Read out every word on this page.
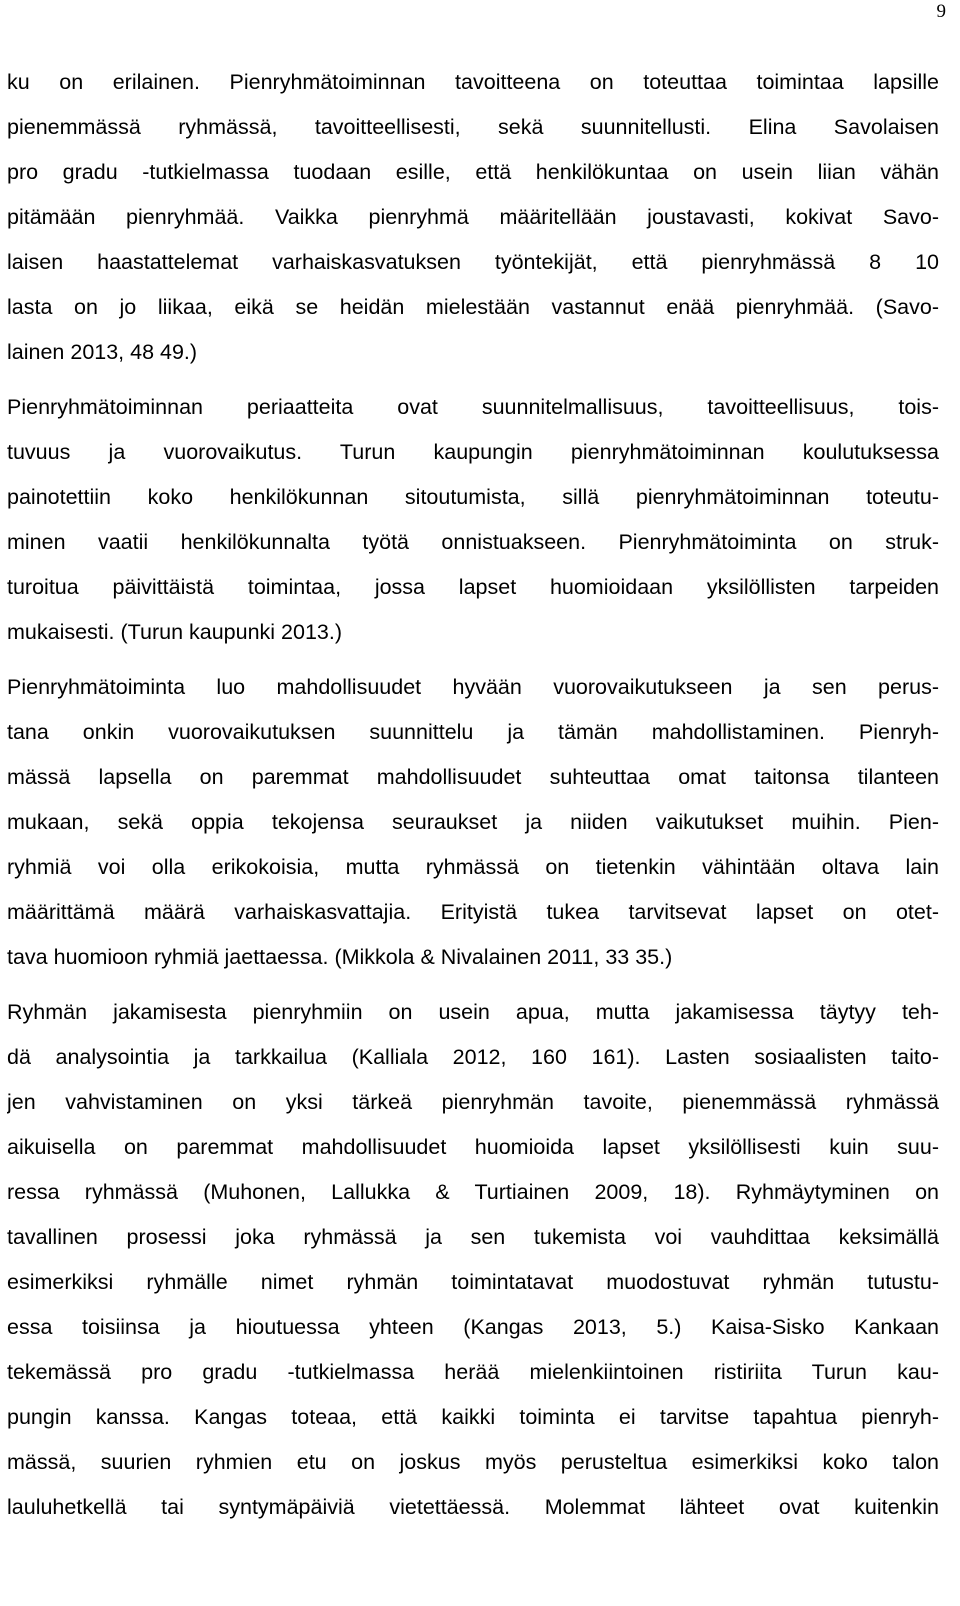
9

ku on erilainen. Pienryhmätoiminnan tavoitteena on toteuttaa toimintaa lapsille
pienemmässä ryhmässä, tavoitteellisesti, sekä suunnitellusti. Elina Savolaisen
pro gradu -tutkielmassa tuodaan esille, että henkilökuntaa on usein liian vähän
pitämään pienryhmää. Vaikka pienryhmä määritellään joustavasti, kokivat Savo-
laisen haastattelemat varhaiskasvatuksen työntekijät, että pienryhmässä 8 10
lasta on jo liikaa, eikä se heidän mielestään vastannut enää pienryhmää. (Savo-
lainen 2013, 48 49.)

Pienryhmätoiminnan periaatteita ovat suunnitelmallisuus, tavoitteellisuus, tois-
tuvuus ja vuorovaikutus. Turun kaupungin pienryhmätoiminnan koulutuksessa
painotettiin koko henkilökunnan sitoutumista, sillä pienryhmätoiminnan toteutu-
minen vaatii henkilökunnalta työtä onnistuakseen. Pienryhmätoiminta on struk-
turoitua päivittäistä toimintaa, jossa lapset huomioidaan yksilöllisten tarpeiden
mukaisesti. (Turun kaupunki 2013.)

Pienryhmätoiminta luo mahdollisuudet hyvään vuorovaikutukseen ja sen perus-
tana onkin vuorovaikutuksen suunnittelu ja tämän mahdollistaminen. Pienryh-
mässä lapsella on paremmat mahdollisuudet suhteuttaa omat taitonsa tilanteen
mukaan, sekä oppia tekojensa seuraukset ja niiden vaikutukset muihin. Pien-
ryhmiä voi olla erikokoisia, mutta ryhmässä on tietenkin vähintään oltava lain
määrittämä määrä varhaiskasvattajia. Erityistä tukea tarvitsevat lapset on otet-
tava huomioon ryhmiä jaettaessa. (Mikkola & Nivalainen 2011, 33 35.)

Ryhmän jakamisesta pienryhmiin on usein apua, mutta jakamisessa täytyy teh-
dä analysointia ja tarkkailua (Kalliala 2012, 160 161). Lasten sosiaalisten taito-
jen vahvistaminen on yksi tärkeä pienryhmän tavoite, pienemmässä ryhmässä
aikuisella on paremmat mahdollisuudet huomioida lapset yksilöllisesti kuin suu-
ressa ryhmässä (Muhonen, Lallukka & Turtiainen 2009, 18). Ryhmäytyminen on
tavallinen prosessi joka ryhmässä ja sen tukemista voi vauhdittaa keksimällä
esimerkiksi ryhmälle nimet ryhmän toimintatavat muodostuvat ryhmän tutustu-
essa toisiinsa ja hioutuessa yhteen (Kangas 2013, 5.) Kaisa-Sisko Kankaan
tekemässä pro gradu -tutkielmassa herää mielenkiintoinen ristiriita Turun kau-
pungin kanssa. Kangas toteaa, että kaikki toiminta ei tarvitse tapahtua pienryh-
mässä, suurien ryhmien etu on joskus myös perusteltua esimerkiksi koko talon
lauluhetkellä tai syntymäpäiviä vietettäessä. Molemmat lähteet ovat kuitenkin
